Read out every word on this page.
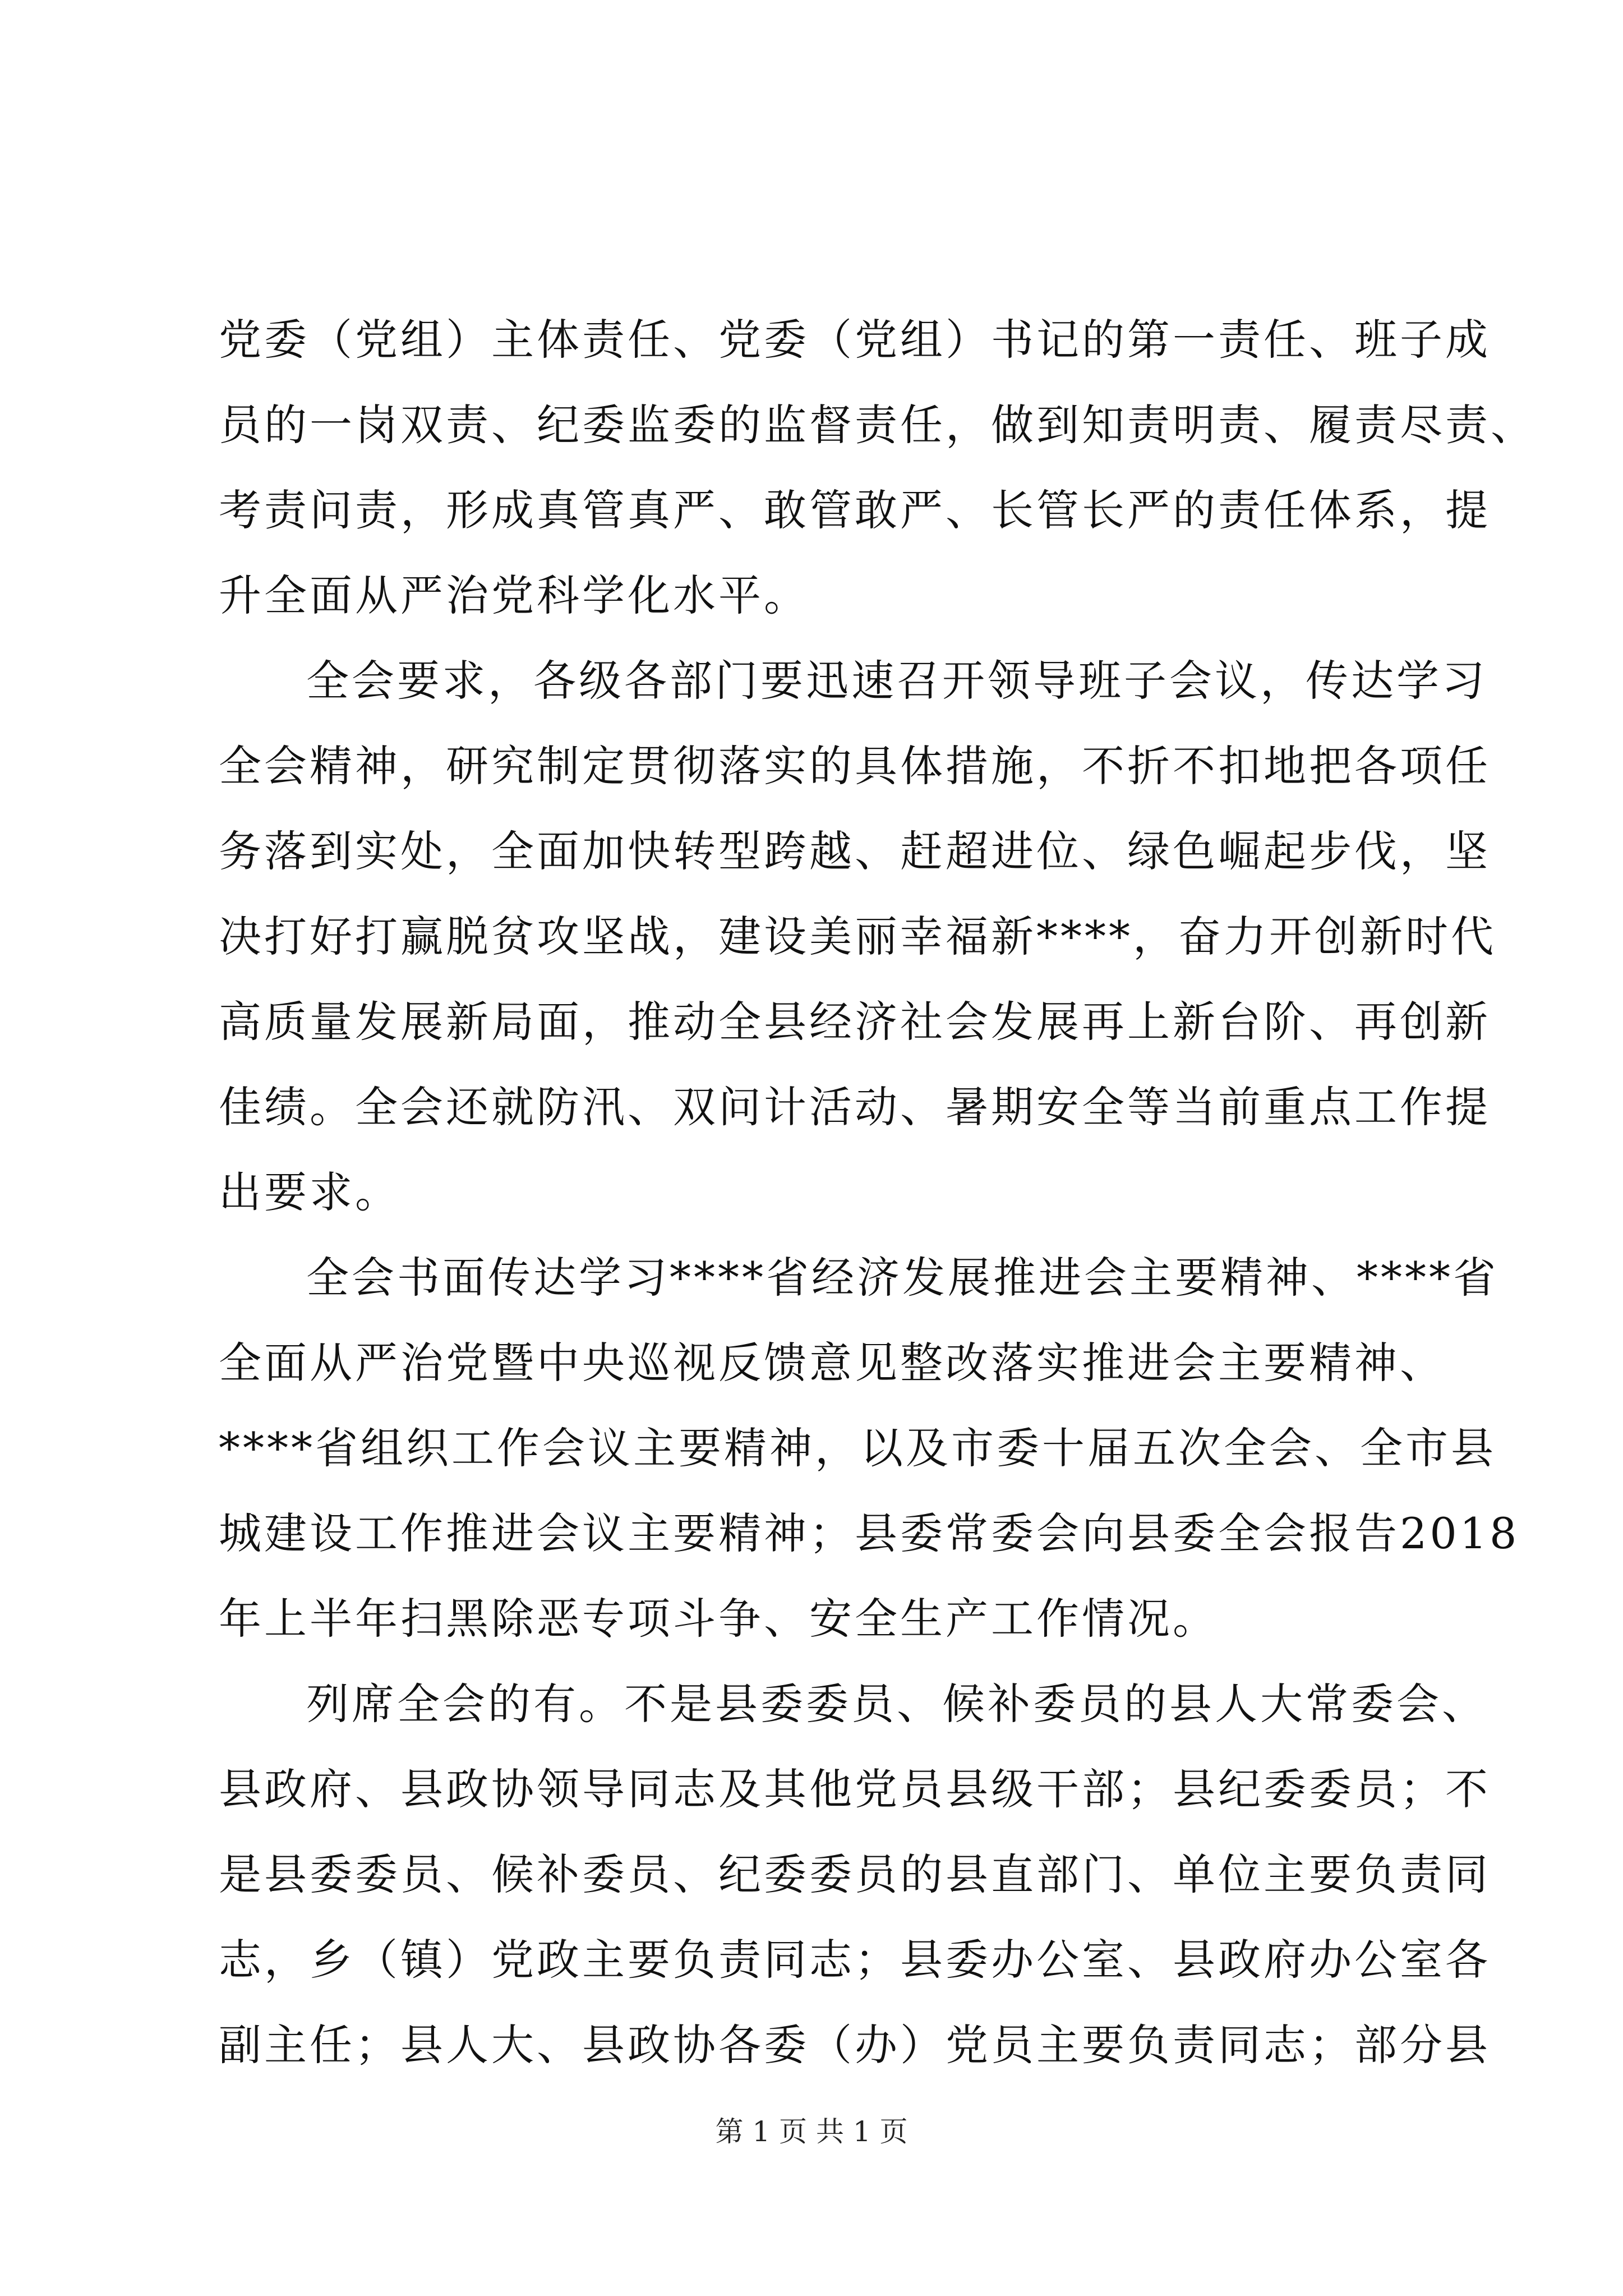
党委（党组）主体责任、党委（党组）书记的第一责任、班子成
员的一岗双责、纪委监委的监督责任，做到知责明责、履责尽责、
考责问责，形成真管真严、敢管敢严、长管长严的责任体系，提
升全面从严治党科学化水平。
全会要求，各级各部门要迅速召开领导班子会议，传达学习
全会精神，研究制定贯彻落实的具体措施，不折不扣地把各项任
务落到实处，全面加快转型跨越、赶超进位、绿色崛起步伐，坚
决打好打赢脱贫攻坚战，建设美丽幸福新****，奋力开创新时代
高质量发展新局面，推动全县经济社会发展再上新台阶、再创新
佳绩。全会还就防汛、双问计活动、暑期安全等当前重点工作提
出要求。
全会书面传达学习****省经济发展推进会主要精神、****省
全面从严治党暨中央巡视反馈意见整改落实推进会主要精神、
****省组织工作会议主要精神，以及市委十届五次全会、全市县
城建设工作推进会议主要精神；县委常委会向县委全会报告2018
年上半年扫黑除恶专项斗争、安全生产工作情况。
列席全会的有。不是县委委员、候补委员的县人大常委会、
县政府、县政协领导同志及其他党员县级干部；县纪委委员；不
是县委委员、候补委员、纪委委员的县直部门、单位主要负责同
志，乡（镇）党政主要负责同志；县委办公室、县政府办公室各
副主任；县人大、县政协各委（办）党员主要负责同志；部分县
第 1 页 共 1 页
